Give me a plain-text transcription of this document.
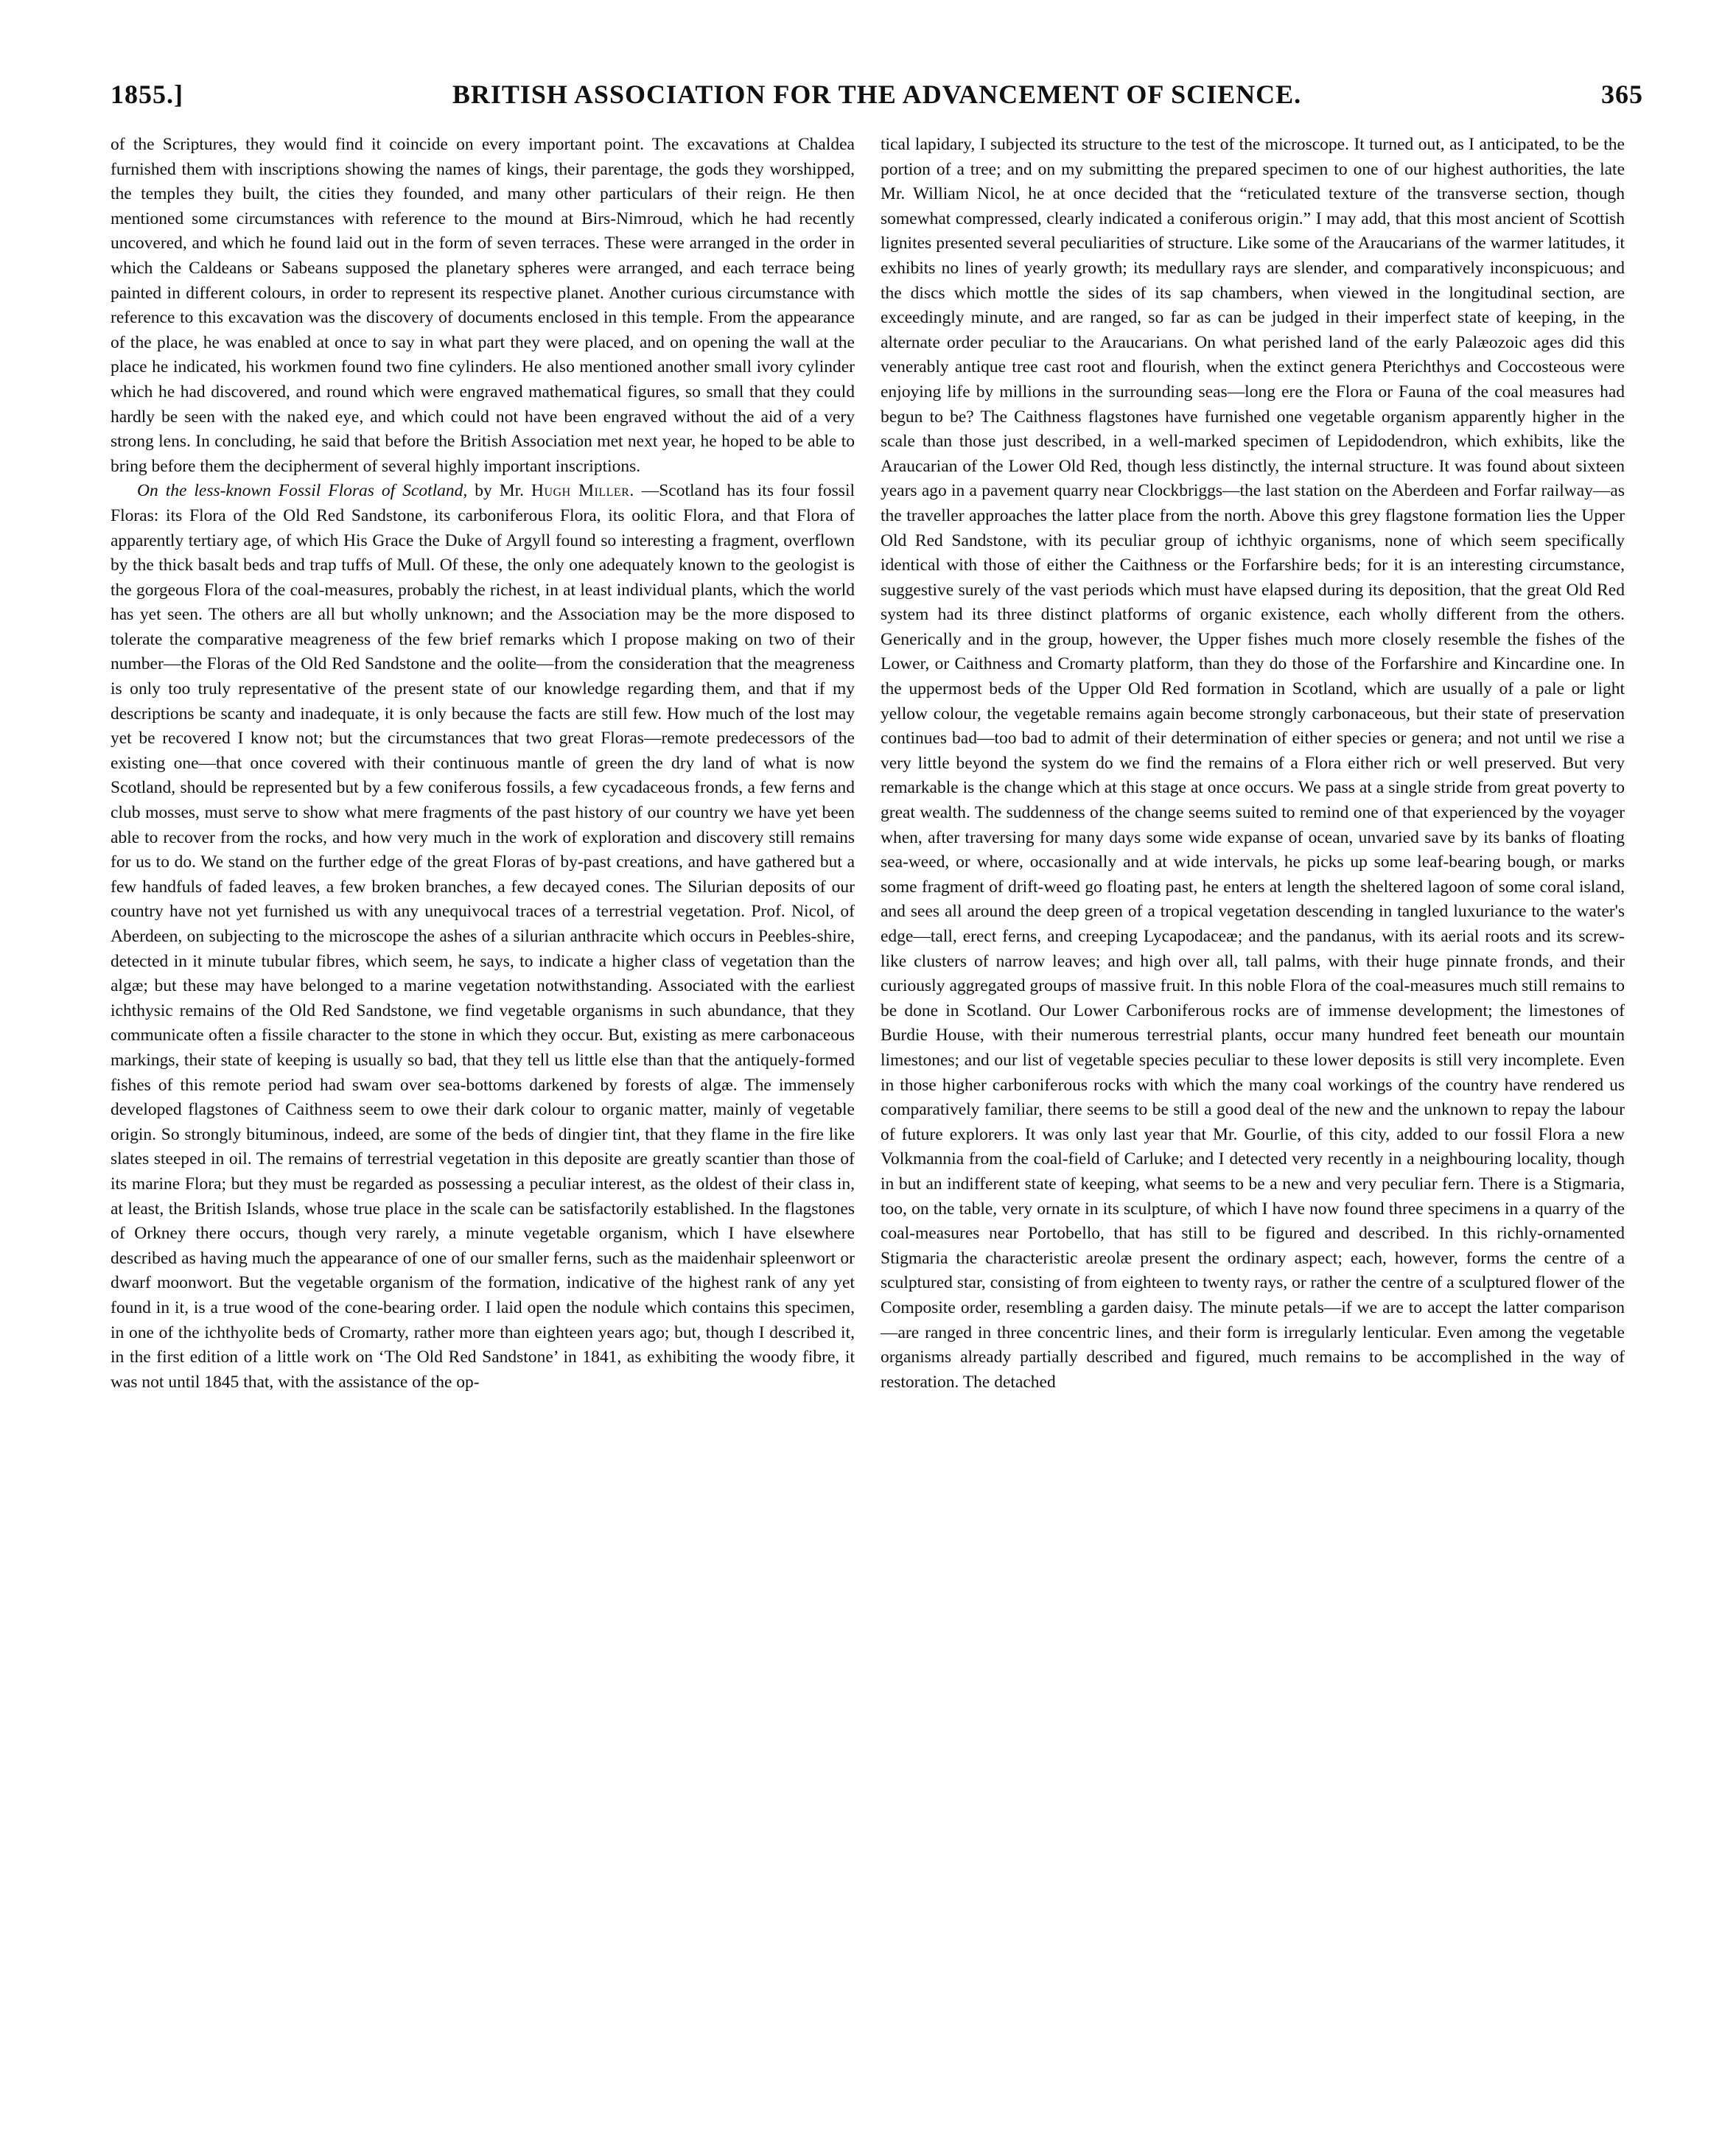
1855.]	BRITISH ASSOCIATION FOR THE ADVANCEMENT OF SCIENCE.	365

of the Scriptures, they would find it coincide on every important point. The excavations at Chaldea furnished them with inscriptions showing the names of kings, their parentage, the gods they worshipped, the temples they built, the cities they founded, and many other particulars of their reign. He then mentioned some circumstances with reference to the mound at Birs-Nimroud, which he had recently uncovered, and which he found laid out in the form of seven terraces. These were arranged in the order in which the Caldeans or Sabeans supposed the planetary spheres were arranged, and each terrace being painted in different colours, in order to represent its respective planet. Another curious circumstance with reference to this excavation was the discovery of documents enclosed in this temple. From the appearance of the place, he was enabled at once to say in what part they were placed, and on opening the wall at the place he indicated, his workmen found two fine cylinders. He also mentioned another small ivory cylinder which he had discovered, and round which were engraved mathematical figures, so small that they could hardly be seen with the naked eye, and which could not have been engraved without the aid of a very strong lens. In concluding, he said that before the British Association met next year, he hoped to be able to bring before them the decipherment of several highly important inscriptions.

On the less-known Fossil Floras of Scotland, by Mr. Hugh Miller. —Scotland has its four fossil Floras: its Flora of the Old Red Sandstone, its carboniferous Flora, its oolitic Flora, and that Flora of apparently tertiary age, of which His Grace the Duke of Argyll found so interesting a fragment, overflown by the thick basalt beds and trap tuffs of Mull. Of these, the only one adequately known to the geologist is the gorgeous Flora of the coal-measures, probably the richest, in at least individual plants, which the world has yet seen. The others are all but wholly unknown; and the Association may be the more disposed to tolerate the comparative meagreness of the few brief remarks which I propose making on two of their number—the Floras of the Old Red Sandstone and the oolite—from the consideration that the meagreness is only too truly representative of the present state of our knowledge regarding them, and that if my descriptions be scanty and inadequate, it is only because the facts are still few. How much of the lost may yet be recovered I know not; but the circumstances that two great Floras—remote predecessors of the existing one—that once covered with their continuous mantle of green the dry land of what is now Scotland, should be represented but by a few coniferous fossils, a few cycadaceous fronds, a few ferns and club mosses, must serve to show what mere fragments of the past history of our country we have yet been able to recover from the rocks, and how very much in the work of exploration and discovery still remains for us to do. We stand on the further edge of the great Floras of by-past creations, and have gathered but a few handfuls of faded leaves, a few broken branches, a few decayed cones. The Silurian deposits of our country have not yet furnished us with any unequivocal traces of a terrestrial vegetation. Prof. Nicol, of Aberdeen, on subjecting to the microscope the ashes of a silurian anthracite which occurs in Peebles-shire, detected in it minute tubular fibres, which seem, he says, to indicate a higher class of vegetation than the algæ; but these may have belonged to a marine vegetation notwithstanding. Associated with the earliest ichthysic remains of the Old Red Sandstone, we find vegetable organisms in such abundance, that they communicate often a fissile character to the stone in which they occur. But, existing as mere carbonaceous markings, their state of keeping is usually so bad, that they tell us little else than that the antiquely-formed fishes of this remote period had swam over sea-bottoms darkened by forests of algæ. The immensely developed flagstones of Caithness seem to owe their dark colour to organic matter, mainly of vegetable origin. So strongly bituminous, indeed, are some of the beds of dingier tint, that they flame in the fire like slates steeped in oil. The remains of terrestrial vegetation in this deposite are greatly scantier than those of its marine Flora; but they must be regarded as possessing a peculiar interest, as the oldest of their class in, at least, the British Islands, whose true place in the scale can be satisfactorily established. In the flagstones of Orkney there occurs, though very rarely, a minute vegetable organism, which I have elsewhere described as having much the appearance of one of our smaller ferns, such as the maidenhair spleenwort or dwarf moonwort. But the vegetable organism of the formation, indicative of the highest rank of any yet found in it, is a true wood of the cone-bearing order. I laid open the nodule which contains this specimen, in one of the ichthyolite beds of Cromarty, rather more than eighteen years ago; but, though I described it, in the first edition of a little work on ‘The Old Red Sandstone’ in 1841, as exhibiting the woody fibre, it was not until 1845 that, with the assistance of the op-

tical lapidary, I subjected its structure to the test of the microscope. It turned out, as I anticipated, to be the portion of a tree; and on my submitting the prepared specimen to one of our highest authorities, the late Mr. William Nicol, he at once decided that the “reticulated texture of the transverse section, though somewhat compressed, clearly indicated a coniferous origin.” I may add, that this most ancient of Scottish lignites presented several peculiarities of structure. Like some of the Araucarians of the warmer latitudes, it exhibits no lines of yearly growth; its medullary rays are slender, and comparatively inconspicuous; and the discs which mottle the sides of its sap chambers, when viewed in the longitudinal section, are exceedingly minute, and are ranged, so far as can be judged in their imperfect state of keeping, in the alternate order peculiar to the Araucarians. On what perished land of the early Palæozoic ages did this venerably antique tree cast root and flourish, when the extinct genera Pterichthys and Coccosteous were enjoying life by millions in the surrounding seas—long ere the Flora or Fauna of the coal measures had begun to be? The Caithness flagstones have furnished one vegetable organism apparently higher in the scale than those just described, in a well-marked specimen of Lepidodendron, which exhibits, like the Araucarian of the Lower Old Red, though less distinctly, the internal structure. It was found about sixteen years ago in a pavement quarry near Clockbriggs—the last station on the Aberdeen and Forfar railway—as the traveller approaches the latter place from the north. Above this grey flagstone formation lies the Upper Old Red Sandstone, with its peculiar group of ichthyic organisms, none of which seem specifically identical with those of either the Caithness or the Forfarshire beds; for it is an interesting circumstance, suggestive surely of the vast periods which must have elapsed during its deposition, that the great Old Red system had its three distinct platforms of organic existence, each wholly different from the others. Generically and in the group, however, the Upper fishes much more closely resemble the fishes of the Lower, or Caithness and Cromarty platform, than they do those of the Forfarshire and Kincardine one. In the uppermost beds of the Upper Old Red formation in Scotland, which are usually of a pale or light yellow colour, the vegetable remains again become strongly carbonaceous, but their state of preservation continues bad—too bad to admit of their determination of either species or genera; and not until we rise a very little beyond the system do we find the remains of a Flora either rich or well preserved. But very remarkable is the change which at this stage at once occurs. We pass at a single stride from great poverty to great wealth. The suddenness of the change seems suited to remind one of that experienced by the voyager when, after traversing for many days some wide expanse of ocean, unvaried save by its banks of floating sea-weed, or where, occasionally and at wide intervals, he picks up some leaf-bearing bough, or marks some fragment of drift-weed go floating past, he enters at length the sheltered lagoon of some coral island, and sees all around the deep green of a tropical vegetation descending in tangled luxuriance to the water's edge—tall, erect ferns, and creeping Lycapodaceæ; and the pandanus, with its aerial roots and its screw-like clusters of narrow leaves; and high over all, tall palms, with their huge pinnate fronds, and their curiously aggregated groups of massive fruit. In this noble Flora of the coal-measures much still remains to be done in Scotland. Our Lower Carboniferous rocks are of immense development; the limestones of Burdie House, with their numerous terrestrial plants, occur many hundred feet beneath our mountain limestones; and our list of vegetable species peculiar to these lower deposits is still very incomplete. Even in those higher carboniferous rocks with which the many coal workings of the country have rendered us comparatively familiar, there seems to be still a good deal of the new and the unknown to repay the labour of future explorers. It was only last year that Mr. Gourlie, of this city, added to our fossil Flora a new Volkmannia from the coal-field of Carluke; and I detected very recently in a neighbouring locality, though in but an indifferent state of keeping, what seems to be a new and very peculiar fern. There is a Stigmaria, too, on the table, very ornate in its sculpture, of which I have now found three specimens in a quarry of the coal-measures near Portobello, that has still to be figured and described. In this richly-ornamented Stigmaria the characteristic areolæ present the ordinary aspect; each, however, forms the centre of a sculptured star, consisting of from eighteen to twenty rays, or rather the centre of a sculptured flower of the Composite order, resembling a garden daisy. The minute petals—if we are to accept the latter comparison—are ranged in three concentric lines, and their form is irregularly lenticular. Even among the vegetable organisms already partially described and figured, much remains to be accomplished in the way of restoration. The detached
